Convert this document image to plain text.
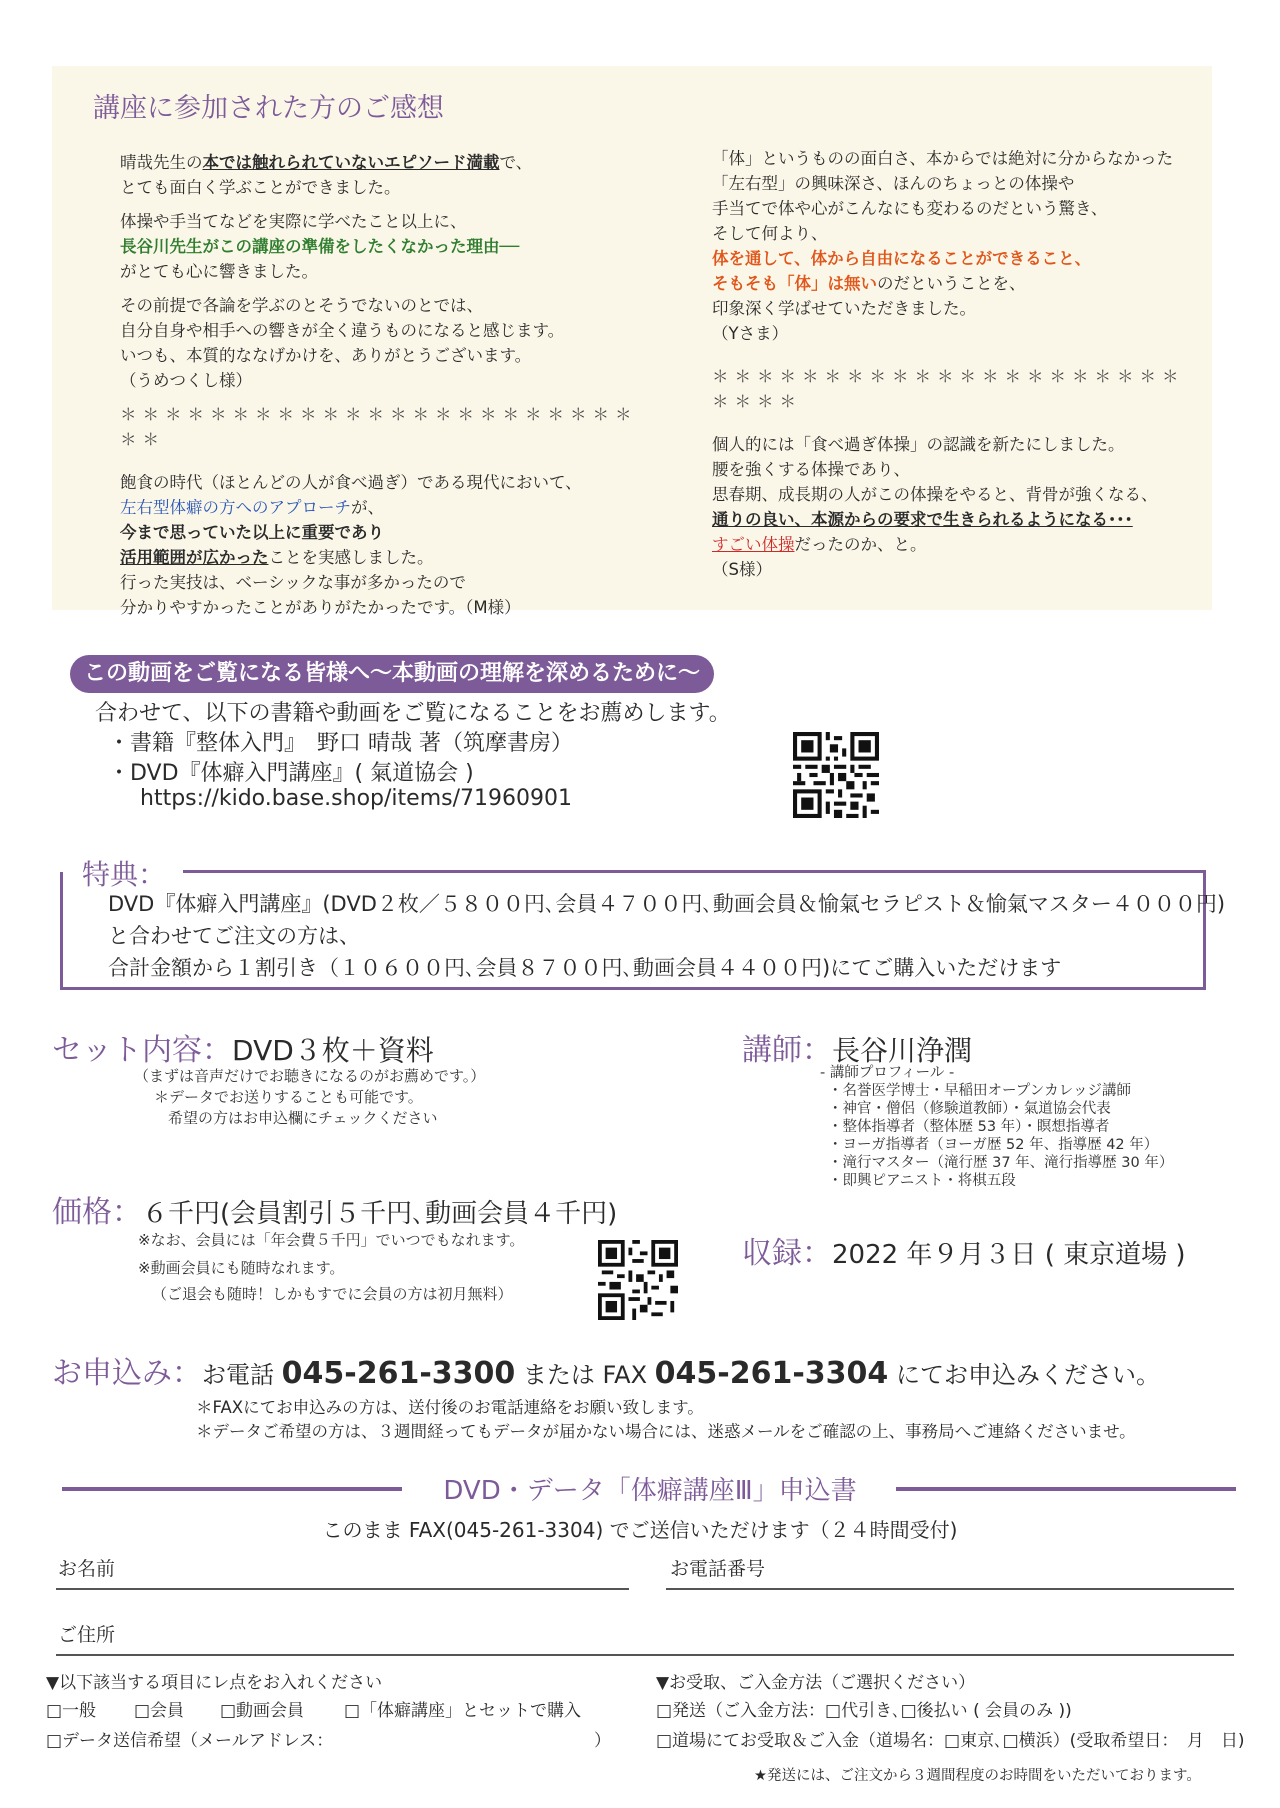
講座に参加された方のご感想

晴哉先生の本では触れられていないエピソード満載で、

とても面白く学ぶことができました。

体操や手当てなどを実際に学べたこと以上に、

長谷川先生がこの講座の準備をしたくなかった理由──

がとても心に響きました。

その前提で各論を学ぶのとそうでないのとでは、

自分自身や相手への響きが全く違うものになると感じます。

いつも、本質的ななげかけを、ありがとうございます。

（うめつくし様）

＊＊＊＊＊＊＊＊＊＊＊＊＊＊＊＊＊＊＊＊＊＊＊＊＊

飽食の時代（ほとんどの人が食べ過ぎ）である現代において、

左右型体癖の方へのアプローチが、

今まで思っていた以上に重要であり

活用範囲が広かったことを実感しました。

行った実技は、ベーシックな事が多かったので

分かりやすかったことがありがたかったです。（M様）

「体」というものの面白さ、本からでは絶対に分からなかった

「左右型」の興味深さ、ほんのちょっとの体操や

手当てで体や心がこんなにも変わるのだという驚き、

そして何より、

体を通して、体から自由になることができること、

そもそも「体」は無いのだということを、

印象深く学ばせていただきました。

（Yさま）

＊＊＊＊＊＊＊＊＊＊＊＊＊＊＊＊＊＊＊＊＊＊＊＊＊

個人的には「食べ過ぎ体操」の認識を新たにしました。

腰を強くする体操であり、

思春期、成長期の人がこの体操をやると、背骨が強くなる、

通りの良い、本源からの要求で生きられるようになる･･･

すごい体操だったのか、と。

（S様）

この動画をご覧になる皆様へ～本動画の理解を深めるために～
合わせて、以下の書籍や動画をご覧になることをお薦めします。
・書籍『整体入門』　野口 晴哉 著（筑摩書房）
・DVD『体癖入門講座』( 氣道協会 )
https://kido.base.shop/items/71960901
特典：
DVD『体癖入門講座』(DVD２枚／５８００円､会員４７００円､動画会員＆愉氣セラピスト＆愉氣マスター４０００円)
と合わせてご注文の方は、
合計金額から１割引き（１０６００円､会員８７００円､動画会員４４００円)にてご購入いただけます
セット内容：DVD３枚＋資料
（まずは音声だけでお聴きになるのがお薦めです。）
＊データでお送りすることも可能です。
希望の方はお申込欄にチェックください
講師：長谷川浄潤
- 講師プロフィール -
・名誉医学博士・早稲田オープンカレッジ講師
・神官・僧侶（修験道教師）・氣道協会代表
・整体指導者（整体歴 53 年）・瞑想指導者
・ヨーガ指導者（ヨーガ歴 52 年、指導歴 42 年）
・滝行マスター（滝行歴 37 年、滝行指導歴 30 年）
・即興ピアニスト・将棋五段
価格：６千円(会員割引５千円､動画会員４千円)
※なお、会員には「年会費５千円」でいつでもなれます。
※動画会員にも随時なれます。
（ご退会も随時！しかもすでに会員の方は初月無料）
収録：2022 年９月３日 ( 東京道場 )
お申込み：お電話 045-261-3300 または FAX 045-261-3304 にてお申込みください。
＊FAXにてお申込みの方は、送付後のお電話連絡をお願い致します。
＊データご希望の方は、３週間経ってもデータが届かない場合には、迷惑メールをご確認の上、事務局へご連絡くださいませ。
DVD・データ「体癖講座Ⅲ」申込書
このまま FAX(045-261-3304) でご送信いただけます（２４時間受付)
お名前	お電話番号
ご住所
▼以下該当する項目にレ点をお入れください
□一般 □会員 □動画会員 □「体癖講座」とセットで購入
□データ送信希望（メールアドレス：	）
▼お受取、ご入金方法（ご選択ください）
□発送（ご入金方法：□代引き､□後払い ( 会員のみ ))
□道場にてお受取＆ご入金（道場名：□東京､□横浜）(受取希望日：　月　日)
★発送には、ご注文から３週間程度のお時間をいただいております。
